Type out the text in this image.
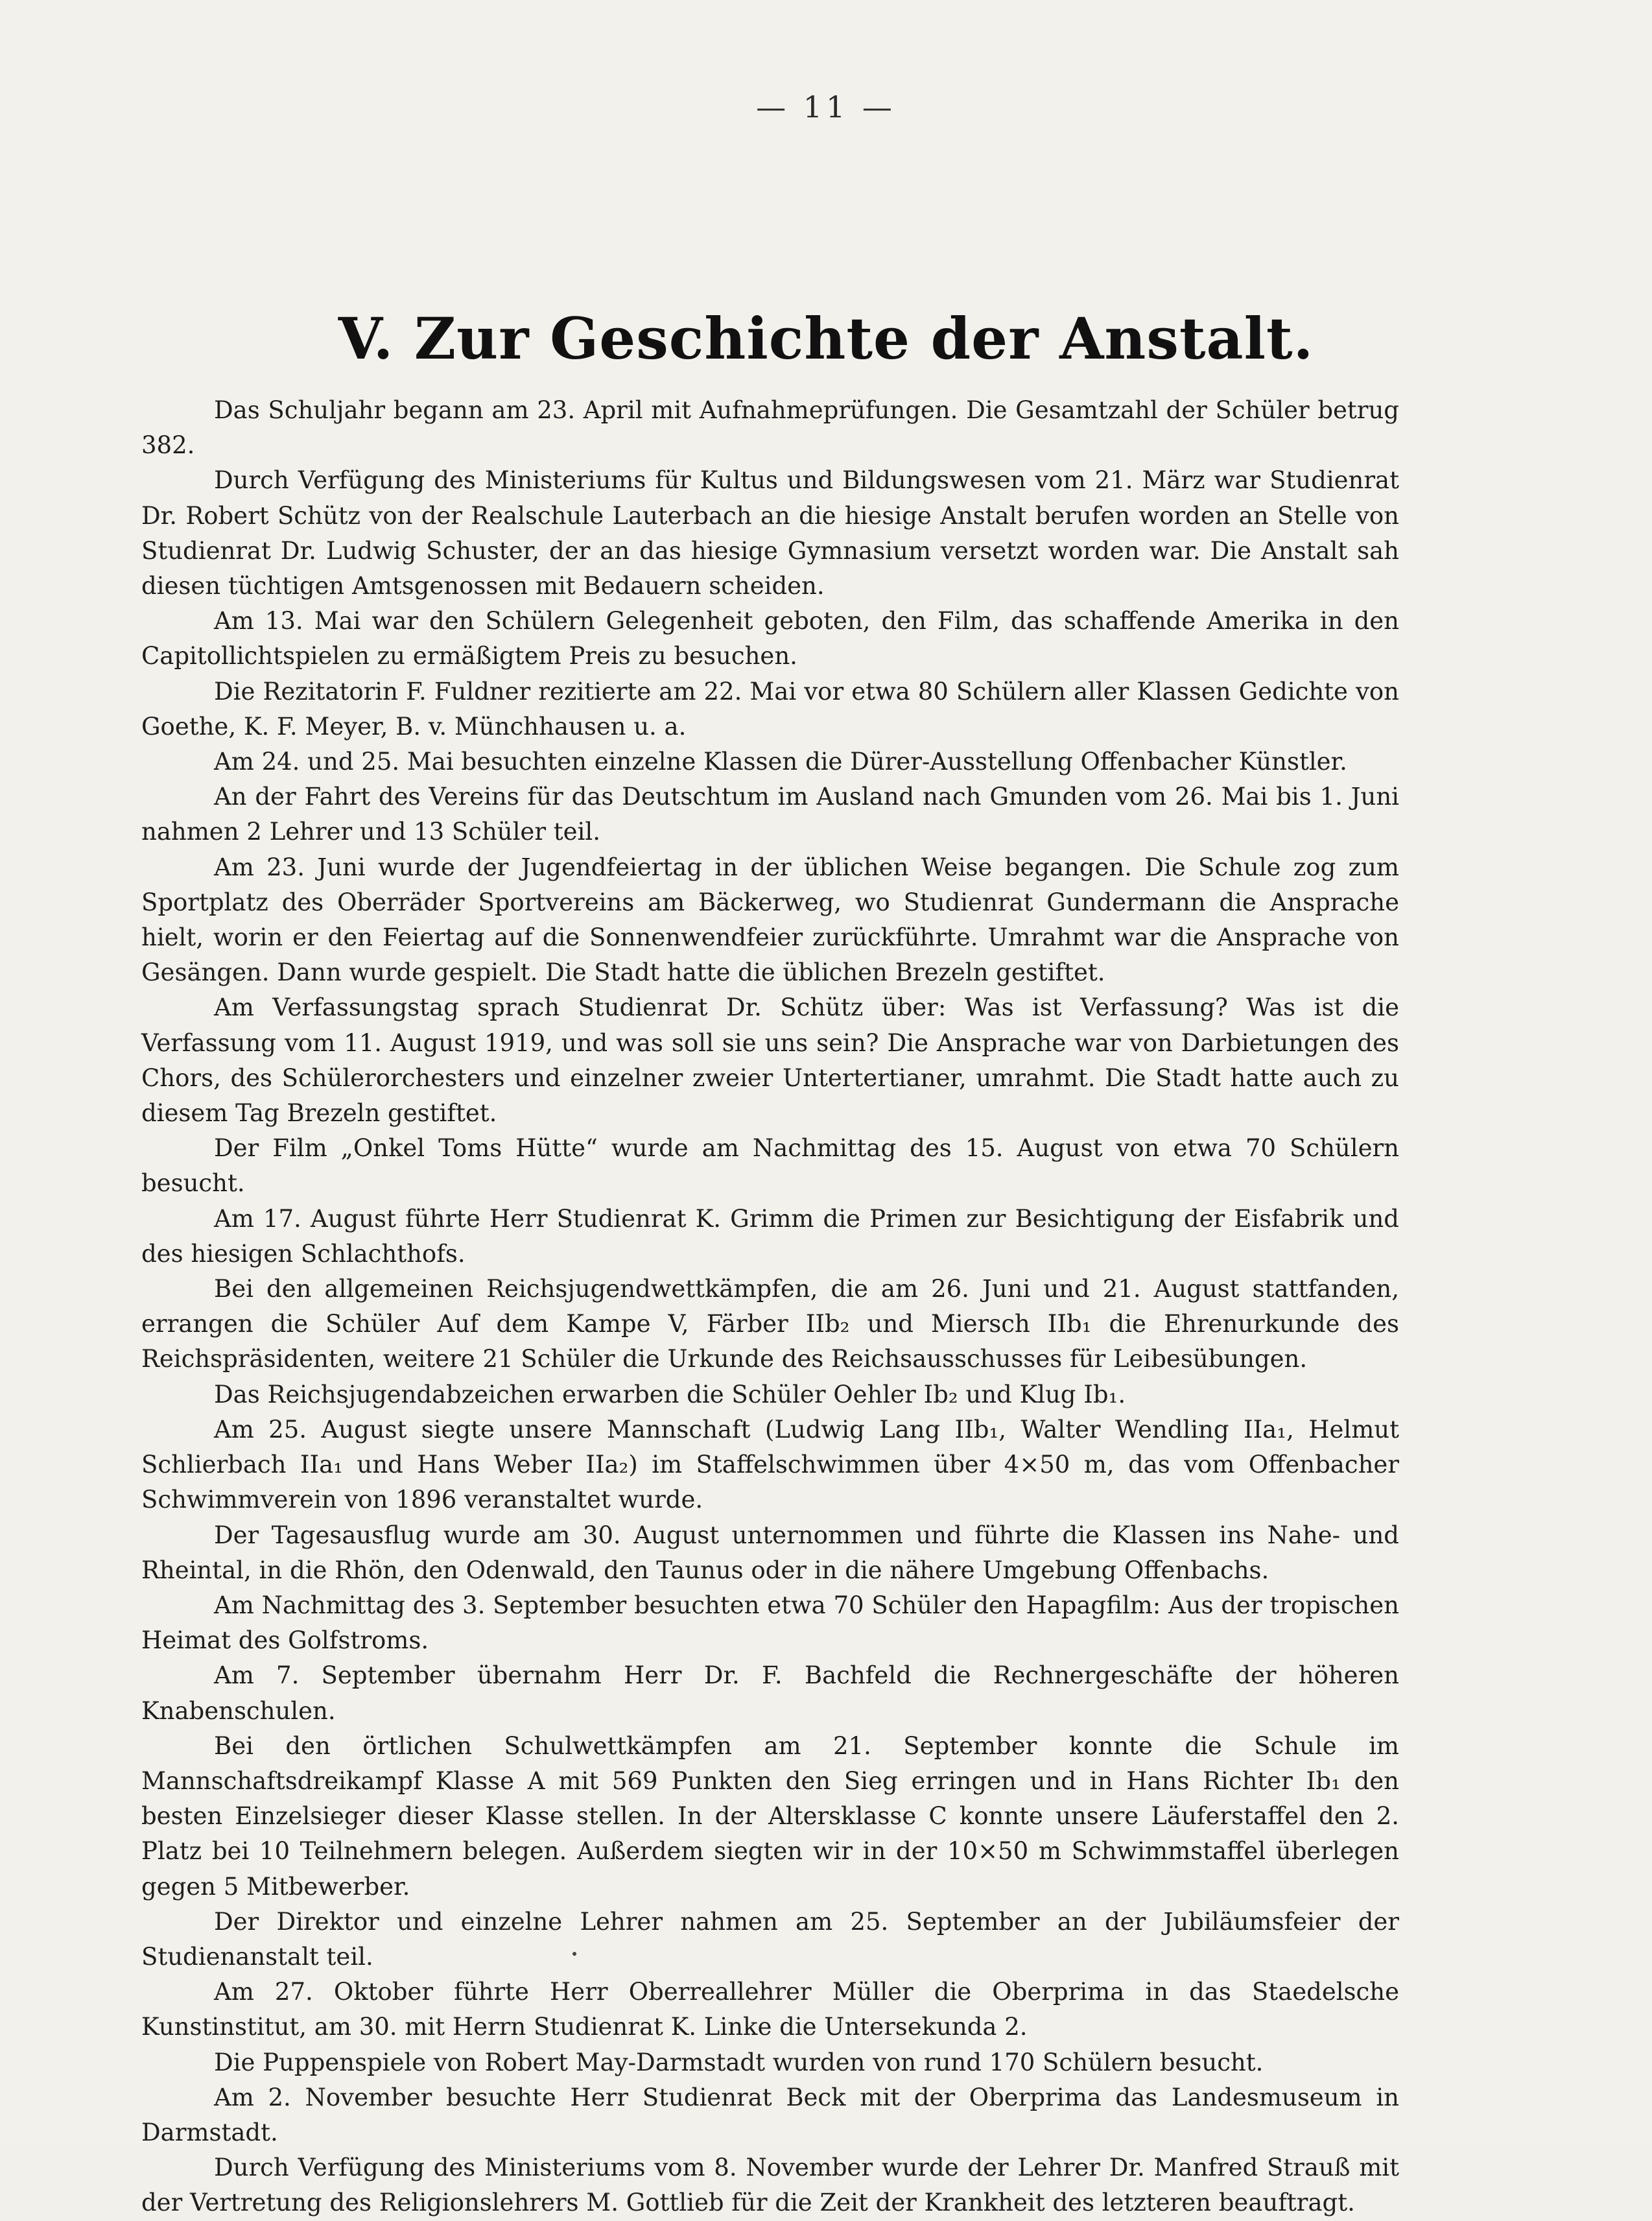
— 11 —
V. Zur Geschichte der Anstalt.

Das Schuljahr begann am 23. April mit Aufnahmeprüfungen. Die Gesamtzahl der Schüler betrug 382.

Durch Verfügung des Ministeriums für Kultus und Bildungswesen vom 21. März war Studienrat Dr. Robert Schütz von der Realschule Lauterbach an die hiesige Anstalt berufen worden an Stelle von Studienrat Dr. Ludwig Schuster, der an das hiesige Gymnasium versetzt worden war. Die Anstalt sah diesen tüchtigen Amtsgenossen mit Bedauern scheiden.

Am 13. Mai war den Schülern Gelegenheit geboten, den Film, das schaffende Amerika in den Capitollichtspielen zu ermäßigtem Preis zu besuchen.

Die Rezitatorin F. Fuldner rezitierte am 22. Mai vor etwa 80 Schülern aller Klassen Gedichte von Goethe, K. F. Meyer, B. v. Münchhausen u. a.

Am 24. und 25. Mai besuchten einzelne Klassen die Dürer-Ausstellung Offenbacher Künstler.

An der Fahrt des Vereins für das Deutschtum im Ausland nach Gmunden vom 26. Mai bis 1. Juni nahmen 2 Lehrer und 13 Schüler teil.

Am 23. Juni wurde der Jugendfeiertag in der üblichen Weise begangen. Die Schule zog zum Sportplatz des Oberräder Sportvereins am Bäckerweg, wo Studienrat Gundermann die Ansprache hielt, worin er den Feiertag auf die Sonnenwendfeier zurückführte. Umrahmt war die Ansprache von Gesängen. Dann wurde gespielt. Die Stadt hatte die üblichen Brezeln gestiftet.

Am Verfassungstag sprach Studienrat Dr. Schütz über: Was ist Verfassung? Was ist die Verfassung vom 11. August 1919, und was soll sie uns sein? Die Ansprache war von Darbietungen des Chors, des Schülerorchesters und einzelner zweier Untertertianer, umrahmt. Die Stadt hatte auch zu diesem Tag Brezeln gestiftet.

Der Film „Onkel Toms Hütte“ wurde am Nachmittag des 15. August von etwa 70 Schülern besucht.

Am 17. August führte Herr Studienrat K. Grimm die Primen zur Besichtigung der Eisfabrik und des hiesigen Schlachthofs.

Bei den allgemeinen Reichsjugendwettkämpfen, die am 26. Juni und 21. August stattfanden, errangen die Schüler Auf dem Kampe V, Färber IIb₂ und Miersch IIb₁ die Ehrenurkunde des Reichspräsidenten, weitere 21 Schüler die Urkunde des Reichsausschusses für Leibesübungen.

Das Reichsjugendabzeichen erwarben die Schüler Oehler Ib₂ und Klug Ib₁.

Am 25. August siegte unsere Mannschaft (Ludwig Lang IIb₁, Walter Wendling IIa₁, Helmut Schlierbach IIa₁ und Hans Weber IIa₂) im Staffelschwimmen über 4×50 m, das vom Offenbacher Schwimmverein von 1896 veranstaltet wurde.

Der Tagesausflug wurde am 30. August unternommen und führte die Klassen ins Nahe- und Rheintal, in die Rhön, den Odenwald, den Taunus oder in die nähere Umgebung Offenbachs.

Am Nachmittag des 3. September besuchten etwa 70 Schüler den Hapagfilm: Aus der tropischen Heimat des Golfstroms.

Am 7. September übernahm Herr Dr. F. Bachfeld die Rechnergeschäfte der höheren Knabenschulen.

Bei den örtlichen Schulwettkämpfen am 21. September konnte die Schule im Mannschaftsdreikampf Klasse A mit 569 Punkten den Sieg erringen und in Hans Richter Ib₁ den besten Einzelsieger dieser Klasse stellen. In der Altersklasse C konnte unsere Läuferstaffel den 2. Platz bei 10 Teilnehmern belegen. Außerdem siegten wir in der 10×50 m Schwimmstaffel überlegen gegen 5 Mitbewerber.

Der Direktor und einzelne Lehrer nahmen am 25. September an der Jubiläumsfeier der Studienanstalt teil.

Am 27. Oktober führte Herr Oberreallehrer Müller die Oberprima in das Staedelsche Kunstinstitut, am 30. mit Herrn Studienrat K. Linke die Untersekunda 2.

Die Puppenspiele von Robert May-Darmstadt wurden von rund 170 Schülern besucht.

Am 2. November besuchte Herr Studienrat Beck mit der Oberprima das Landesmuseum in Darmstadt.

Durch Verfügung des Ministeriums vom 8. November wurde der Lehrer Dr. Manfred Strauß mit der Vertretung des Religionslehrers M. Gottlieb für die Zeit der Krankheit des letzteren beauftragt.
